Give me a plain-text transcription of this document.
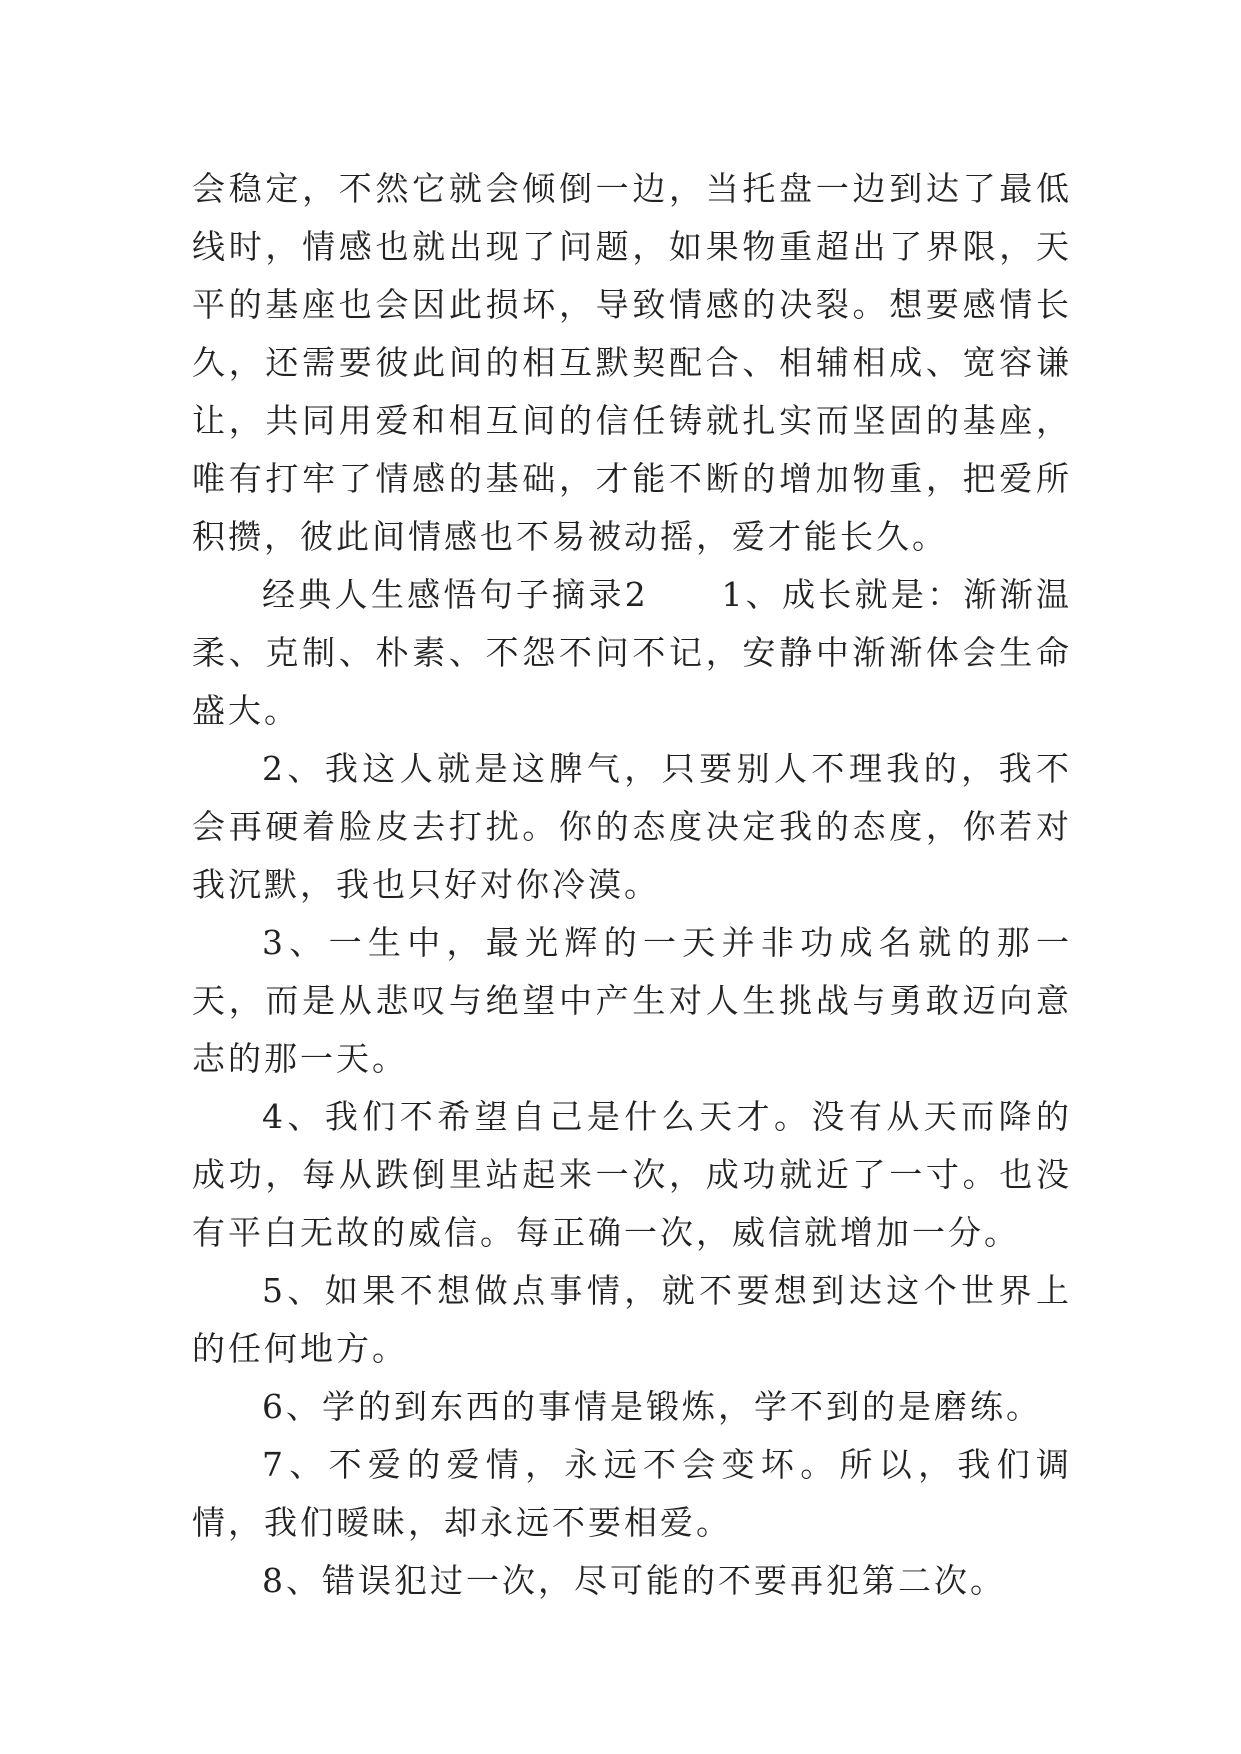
会稳定，不然它就会倾倒一边，当托盘一边到达了最低线时，情感也就出现了问题，如果物重超出了界限，天平的基座也会因此损坏，导致情感的决裂。想要感情长久，还需要彼此间的相互默契配合、相辅相成、宽容谦让，共同用爱和相互间的信任铸就扎实而坚固的基座，唯有打牢了情感的基础，才能不断的增加物重，把爱所积攒，彼此间情感也不易被动摇，爱才能长久。

经典人生感悟句子摘录2　　1、成长就是：渐渐温柔、克制、朴素、不怨不问不记，安静中渐渐体会生命盛大。

2、我这人就是这脾气，只要别人不理我的，我不会再硬着脸皮去打扰。你的态度决定我的态度，你若对我沉默，我也只好对你冷漠。

3、一生中，最光辉的一天并非功成名就的那一天，而是从悲叹与绝望中产生对人生挑战与勇敢迈向意志的那一天。

4、我们不希望自己是什么天才。没有从天而降的成功，每从跌倒里站起来一次，成功就近了一寸。也没有平白无故的威信。每正确一次，威信就增加一分。

5、如果不想做点事情，就不要想到达这个世界上的任何地方。

6、学的到东西的事情是锻炼，学不到的是磨练。

7、不爱的爱情，永远不会变坏。所以，我们调情，我们暧昧，却永远不要相爱。

8、错误犯过一次，尽可能的不要再犯第二次。
